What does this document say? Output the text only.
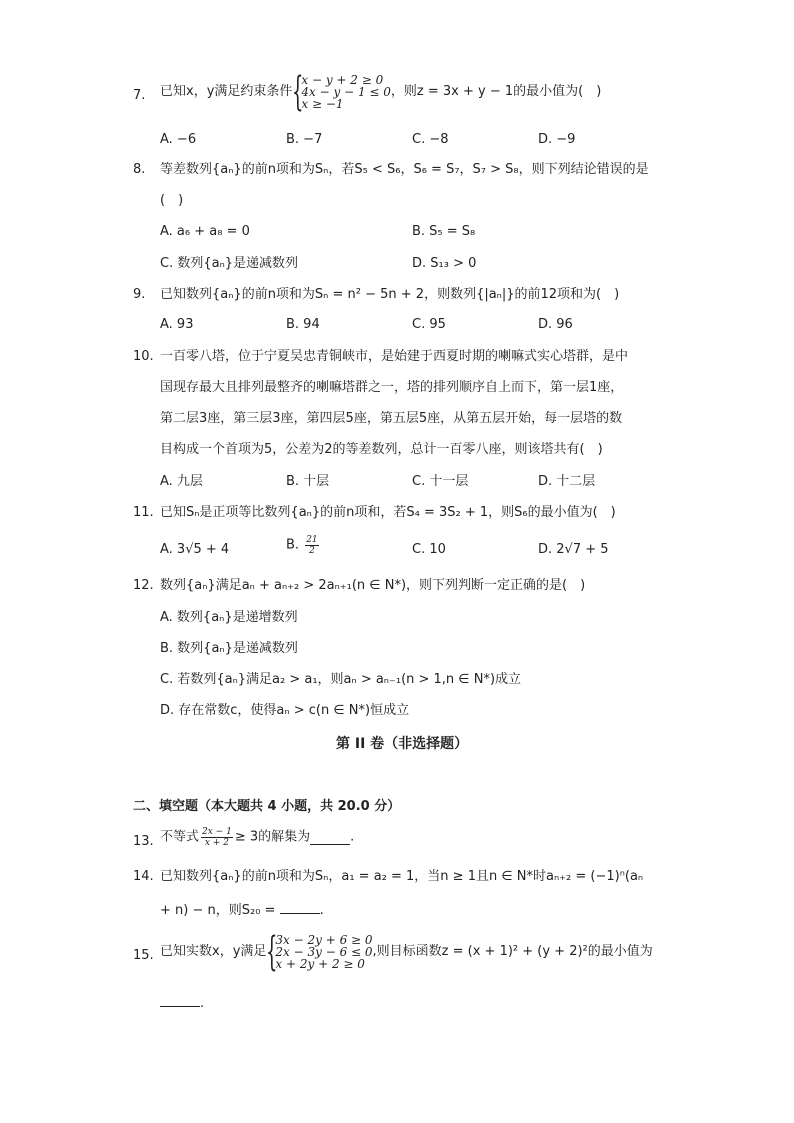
7.	已知x，y满足约束条件 {
x − y + 2 ≥ 0
4x − y − 1 ≤ 0
x ≥ −1
，则z = 3x + y − 1的最小值为(　)
A. −6	B. −7	C. −8	D. −9
8.	等差数列{aₙ}的前n项和为Sₙ，若S₅ < S₆，S₆ = S₇，S₇ > S₈，则下列结论错误的是
(　)
A. a₆ + a₈ = 0	B. S₅ = S₈
C. 数列{aₙ}是递减数列	D. S₁₃ > 0
9.	已知数列{aₙ}的前n项和为Sₙ = n² − 5n + 2，则数列{|aₙ|}的前12项和为(　)
A. 93	B. 94	C. 95	D. 96
10. 一百零八塔，位于宁夏吴忠青铜峡市，是始建于西夏时期的喇嘛式实心塔群，是中
国现存最大且排列最整齐的喇嘛塔群之一，塔的排列顺序自上而下，第一层1座，
第二层3座，第三层3座，第四层5座，第五层5座，从第五层开始，每一层塔的数
目构成一个首项为5，公差为2的等差数列，总计一百零八座，则该塔共有(　)
A. 九层	B. 十层	C. 十一层	D. 十二层
11. 已知Sₙ是正项等比数列{aₙ}的前n项和，若S₄ = 3S₂ + 1，则S₆的最小值为(　)
A. 3√5 + 4	B. $\frac{21}{2}$	C. 10	D. 2√7 + 5
12. 数列{aₙ}满足aₙ + aₙ₊₂ > 2aₙ₊₁(n ∈ N*)，则下列判断一定正确的是(　)
A. 数列{aₙ}是递增数列
B. 数列{aₙ}是递减数列
C. 若数列{aₙ}满足a₂ > a₁，则aₙ > aₙ₋₁(n > 1,n ∈ N*)成立
D. 存在常数c，使得aₙ > c(n ∈ N*)恒成立
第 II 卷（非选择题）
二、填空题（本大题共 4 小题，共 20.0 分）
13. 不等式 $\frac{2x - 1}{x + 2} \ge 3$的解集为	.
14. 已知数列{aₙ}的前n项和为Sₙ，a₁ = a₂ = 1，当n ≥ 1且n ∈ N*时aₙ₊₂ = (−1)ⁿ(aₙ
+ n) − n，则S₂₀ =	.
15. 已知实数x，y满足 {
3x − 2y + 6 ≥ 0
2x − 3y − 6 ≤ 0
x + 2y + 2 ≥ 0
,则目标函数z = (x + 1)² + (y + 2)²的最小值为
.
